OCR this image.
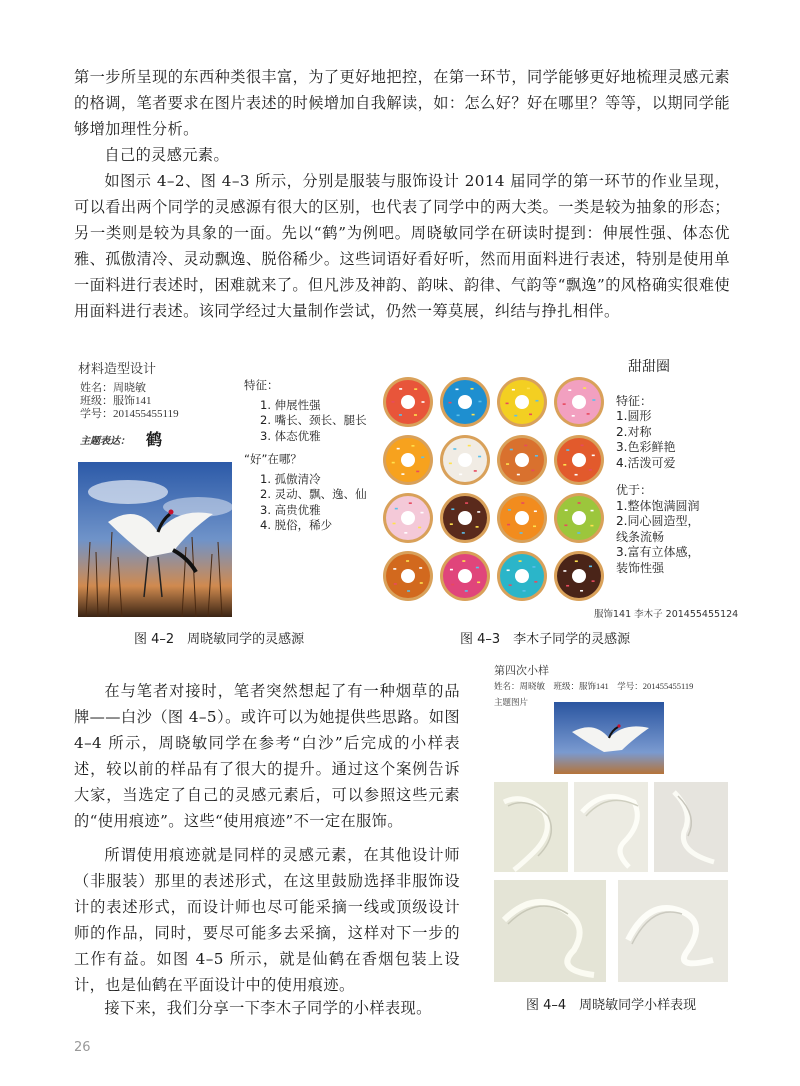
第一步所呈现的东西种类很丰富，为了更好地把控，在第一环节，同学能够更好地梳理灵感元素的格调，笔者要求在图片表述的时候增加自我解读，如：怎么好？好在哪里？等等，以期同学能够增加理性分析。

自己的灵感元素。

如图示 4–2、图 4–3 所示，分别是服装与服饰设计 2014 届同学的第一环节的作业呈现，可以看出两个同学的灵感源有很大的区别，也代表了同学中的两大类。一类是较为抽象的形态；另一类则是较为具象的一面。先以“鹤”为例吧。周晓敏同学在研读时提到：伸展性强、体态优雅、孤傲清冷、灵动飘逸、脱俗稀少。这些词语好看好听，然而用面料进行表述，特别是使用单一面料进行表述时，困难就来了。但凡涉及神韵、韵味、韵律、气韵等“飘逸”的风格确实很难使用面料进行表述。该同学经过大量制作尝试，仍然一筹莫展，纠结与挣扎相伴。

材料造型设计
姓名：周晓敏
班级：服饰141
学号：201455455119
主题表达： 鹤
特征：
1. 伸展性强
2. 嘴长、颈长、腿长
3. 体态优雅
“好”在哪？
1. 孤傲清冷
2. 灵动、飘、逸、仙
3. 高贵优雅
4. 脱俗，稀少
甜甜圈
特征：
1.圆形
2.对称
3.色彩鲜艳
4.活泼可爱
优于：
1.整体饱满圆润
2.同心圆造型，
线条流畅
3.富有立体感，
装饰性强
服饰141 李木子 201455455124
图 4–2　周晓敏同学的灵感源	图 4–3　李木子同学的灵感源

在与笔者对接时，笔者突然想起了有一种烟草的品牌——白沙（图 4–5）。或许可以为她提供些思路。如图 4–4 所示，周晓敏同学在参考“白沙”后完成的小样表述，较以前的样品有了很大的提升。通过这个案例告诉大家，当选定了自己的灵感元素后，可以参照这些元素的“使用痕迹”。这些“使用痕迹”不一定在服饰。

所谓使用痕迹就是同样的灵感元素，在其他设计师（非服装）那里的表述形式，在这里鼓励选择非服饰设计的表述形式，而设计师也尽可能采摘一线或顶级设计师的作品，同时，要尽可能多去采摘，这样对下一步的工作有益。如图 4–5 所示，就是仙鹤在香烟包装上设计，也是仙鹤在平面设计中的使用痕迹。

接下来，我们分享一下李木子同学的小样表现。

第四次小样
姓名：周晓敏　班级：服饰141　学号：201455455119
主题图片
图 4–4　周晓敏同学小样表现
26
